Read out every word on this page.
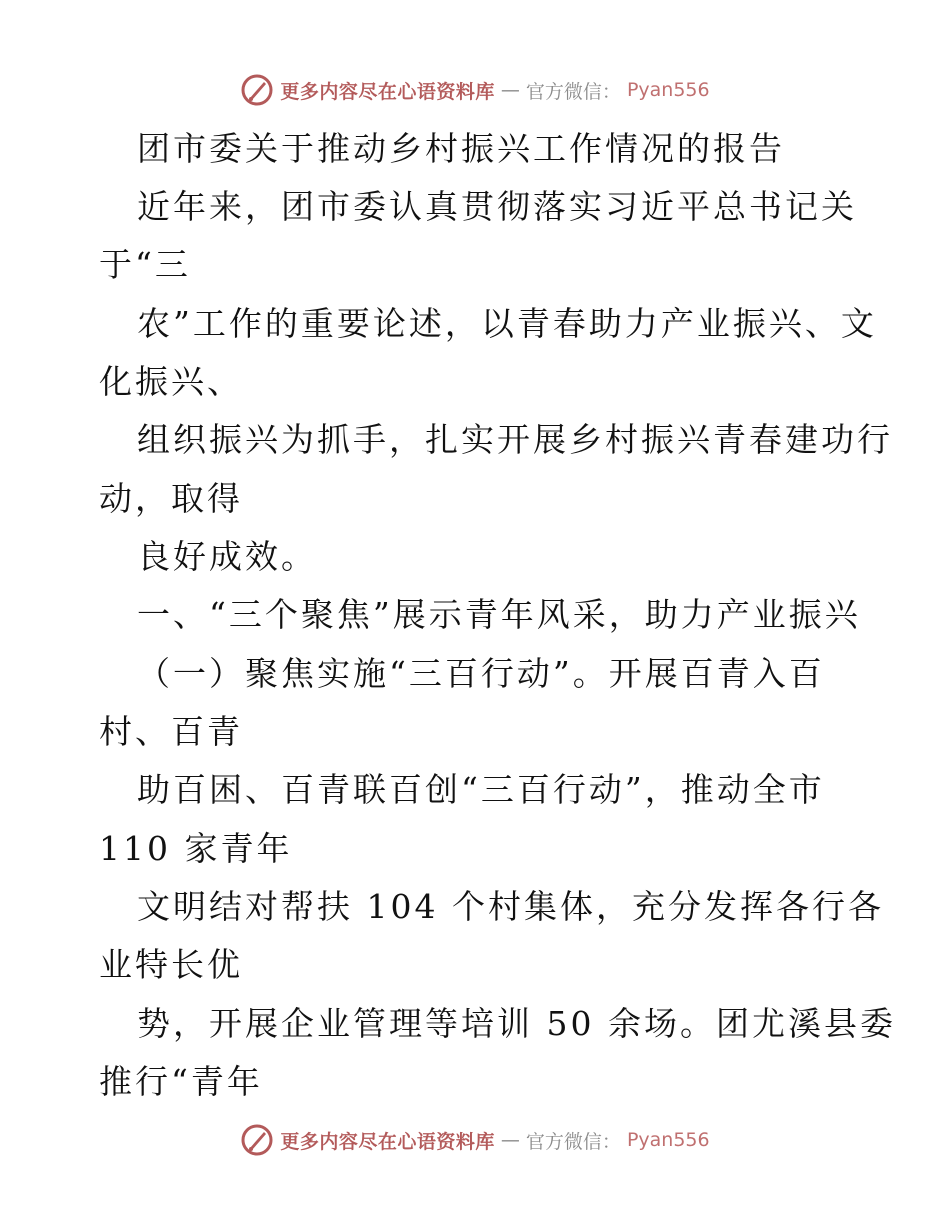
更多内容尽在心语资料库 — 官方微信： Pyan556
团市委关于推动乡村振兴工作情况的报告
近年来，团市委认真贯彻落实习近平总书记关
于“三
农”工作的重要论述，以青春助力产业振兴、文
化振兴、
组织振兴为抓手，扎实开展乡村振兴青春建功行
动，取得
良好成效。
一、“三个聚焦”展示青年风采，助力产业振兴
（一）聚焦实施“三百行动”。开展百青入百
村、百青
助百困、百青联百创“三百行动”，推动全市
110 家青年
文明结对帮扶 104 个村集体，充分发挥各行各
业特长优
势，开展企业管理等培训 50 余场。团尤溪县委
推行“青年
更多内容尽在心语资料库 — 官方微信： Pyan556
